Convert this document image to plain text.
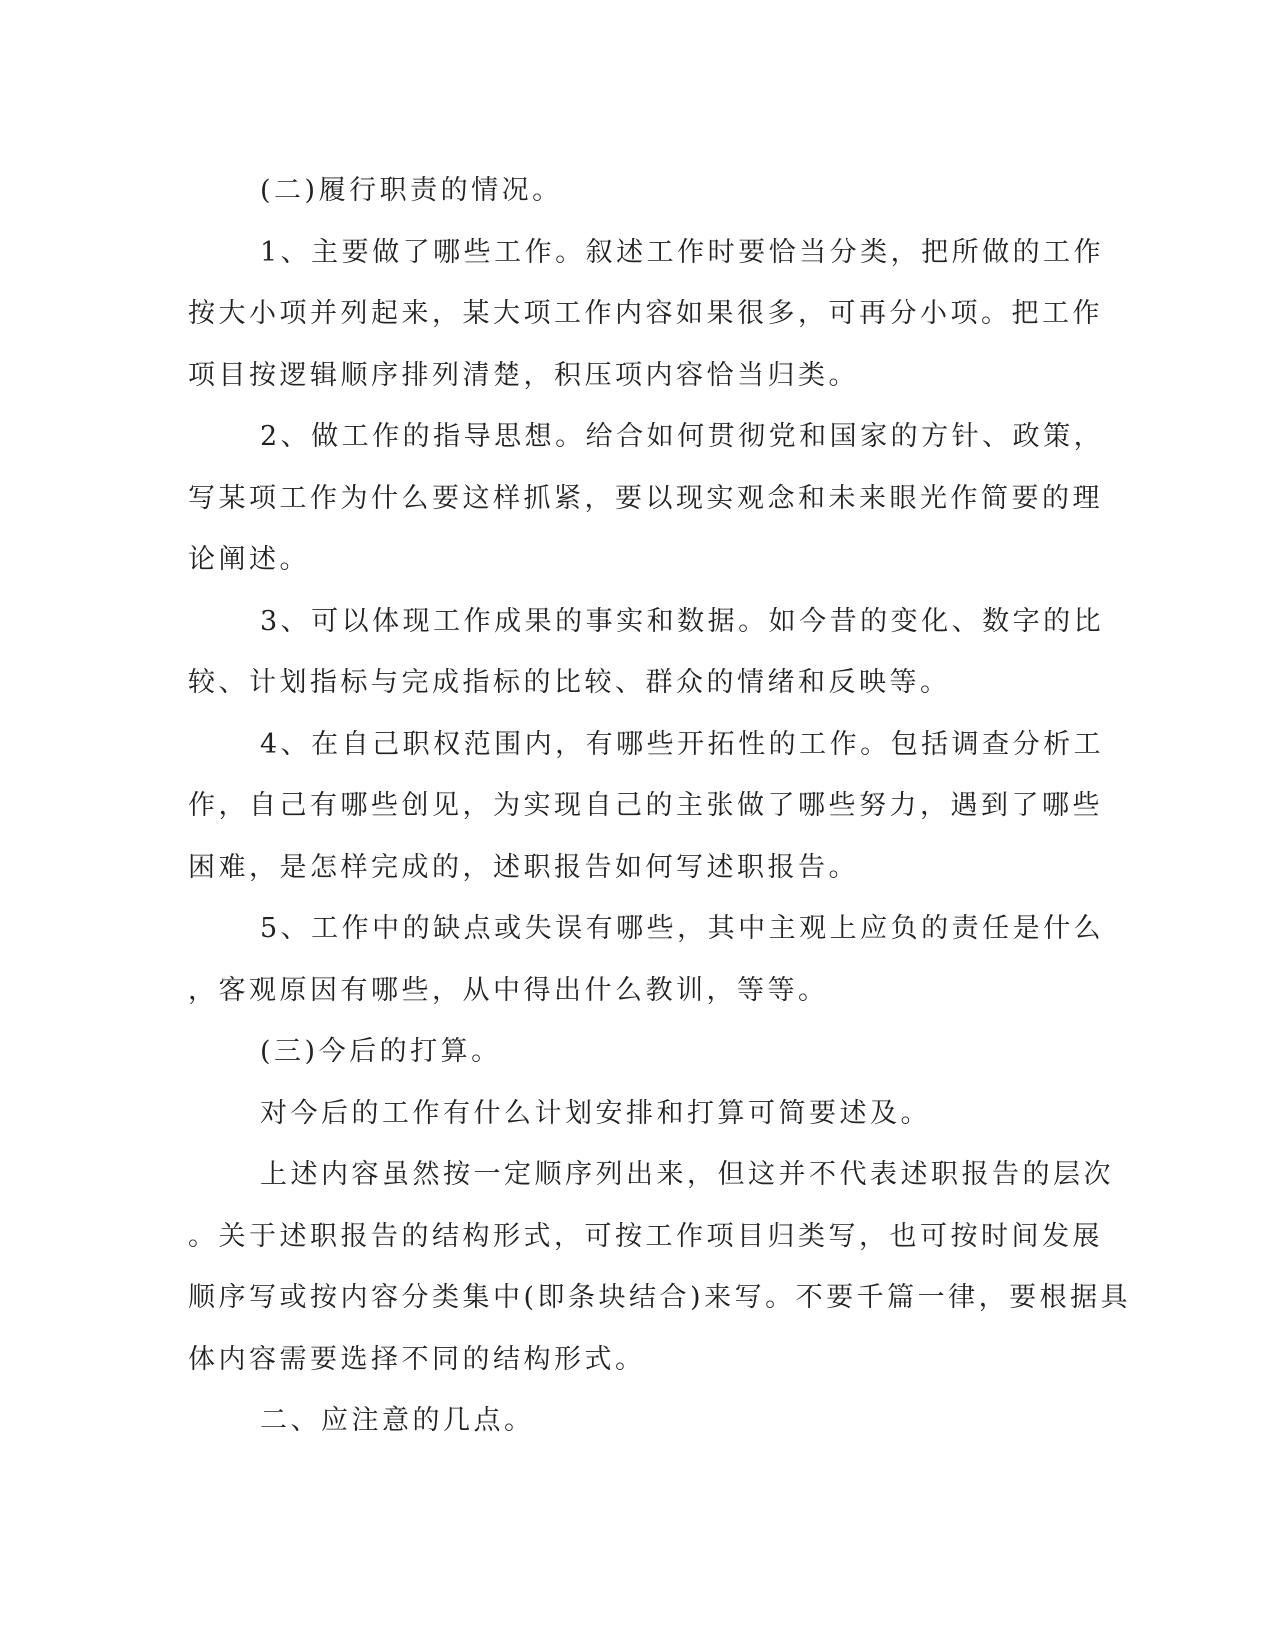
(二)履行职责的情况。
1、主要做了哪些工作。叙述工作时要恰当分类，把所做的工作
按大小项并列起来，某大项工作内容如果很多，可再分小项。把工作
项目按逻辑顺序排列清楚，积压项内容恰当归类。
2、做工作的指导思想。给合如何贯彻党和国家的方针、政策，
写某项工作为什么要这样抓紧，要以现实观念和未来眼光作简要的理
论阐述。
3、可以体现工作成果的事实和数据。如今昔的变化、数字的比
较、计划指标与完成指标的比较、群众的情绪和反映等。
4、在自己职权范围内，有哪些开拓性的工作。包括调查分析工
作，自己有哪些创见，为实现自己的主张做了哪些努力，遇到了哪些
困难，是怎样完成的，述职报告如何写述职报告。
5、工作中的缺点或失误有哪些，其中主观上应负的责任是什么
，客观原因有哪些，从中得出什么教训，等等。
(三)今后的打算。
对今后的工作有什么计划安排和打算可简要述及。
上述内容虽然按一定顺序列出来，但这并不代表述职报告的层次
。关于述职报告的结构形式，可按工作项目归类写，也可按时间发展
顺序写或按内容分类集中(即条块结合)来写。不要千篇一律，要根据具
体内容需要选择不同的结构形式。
二、应注意的几点。
